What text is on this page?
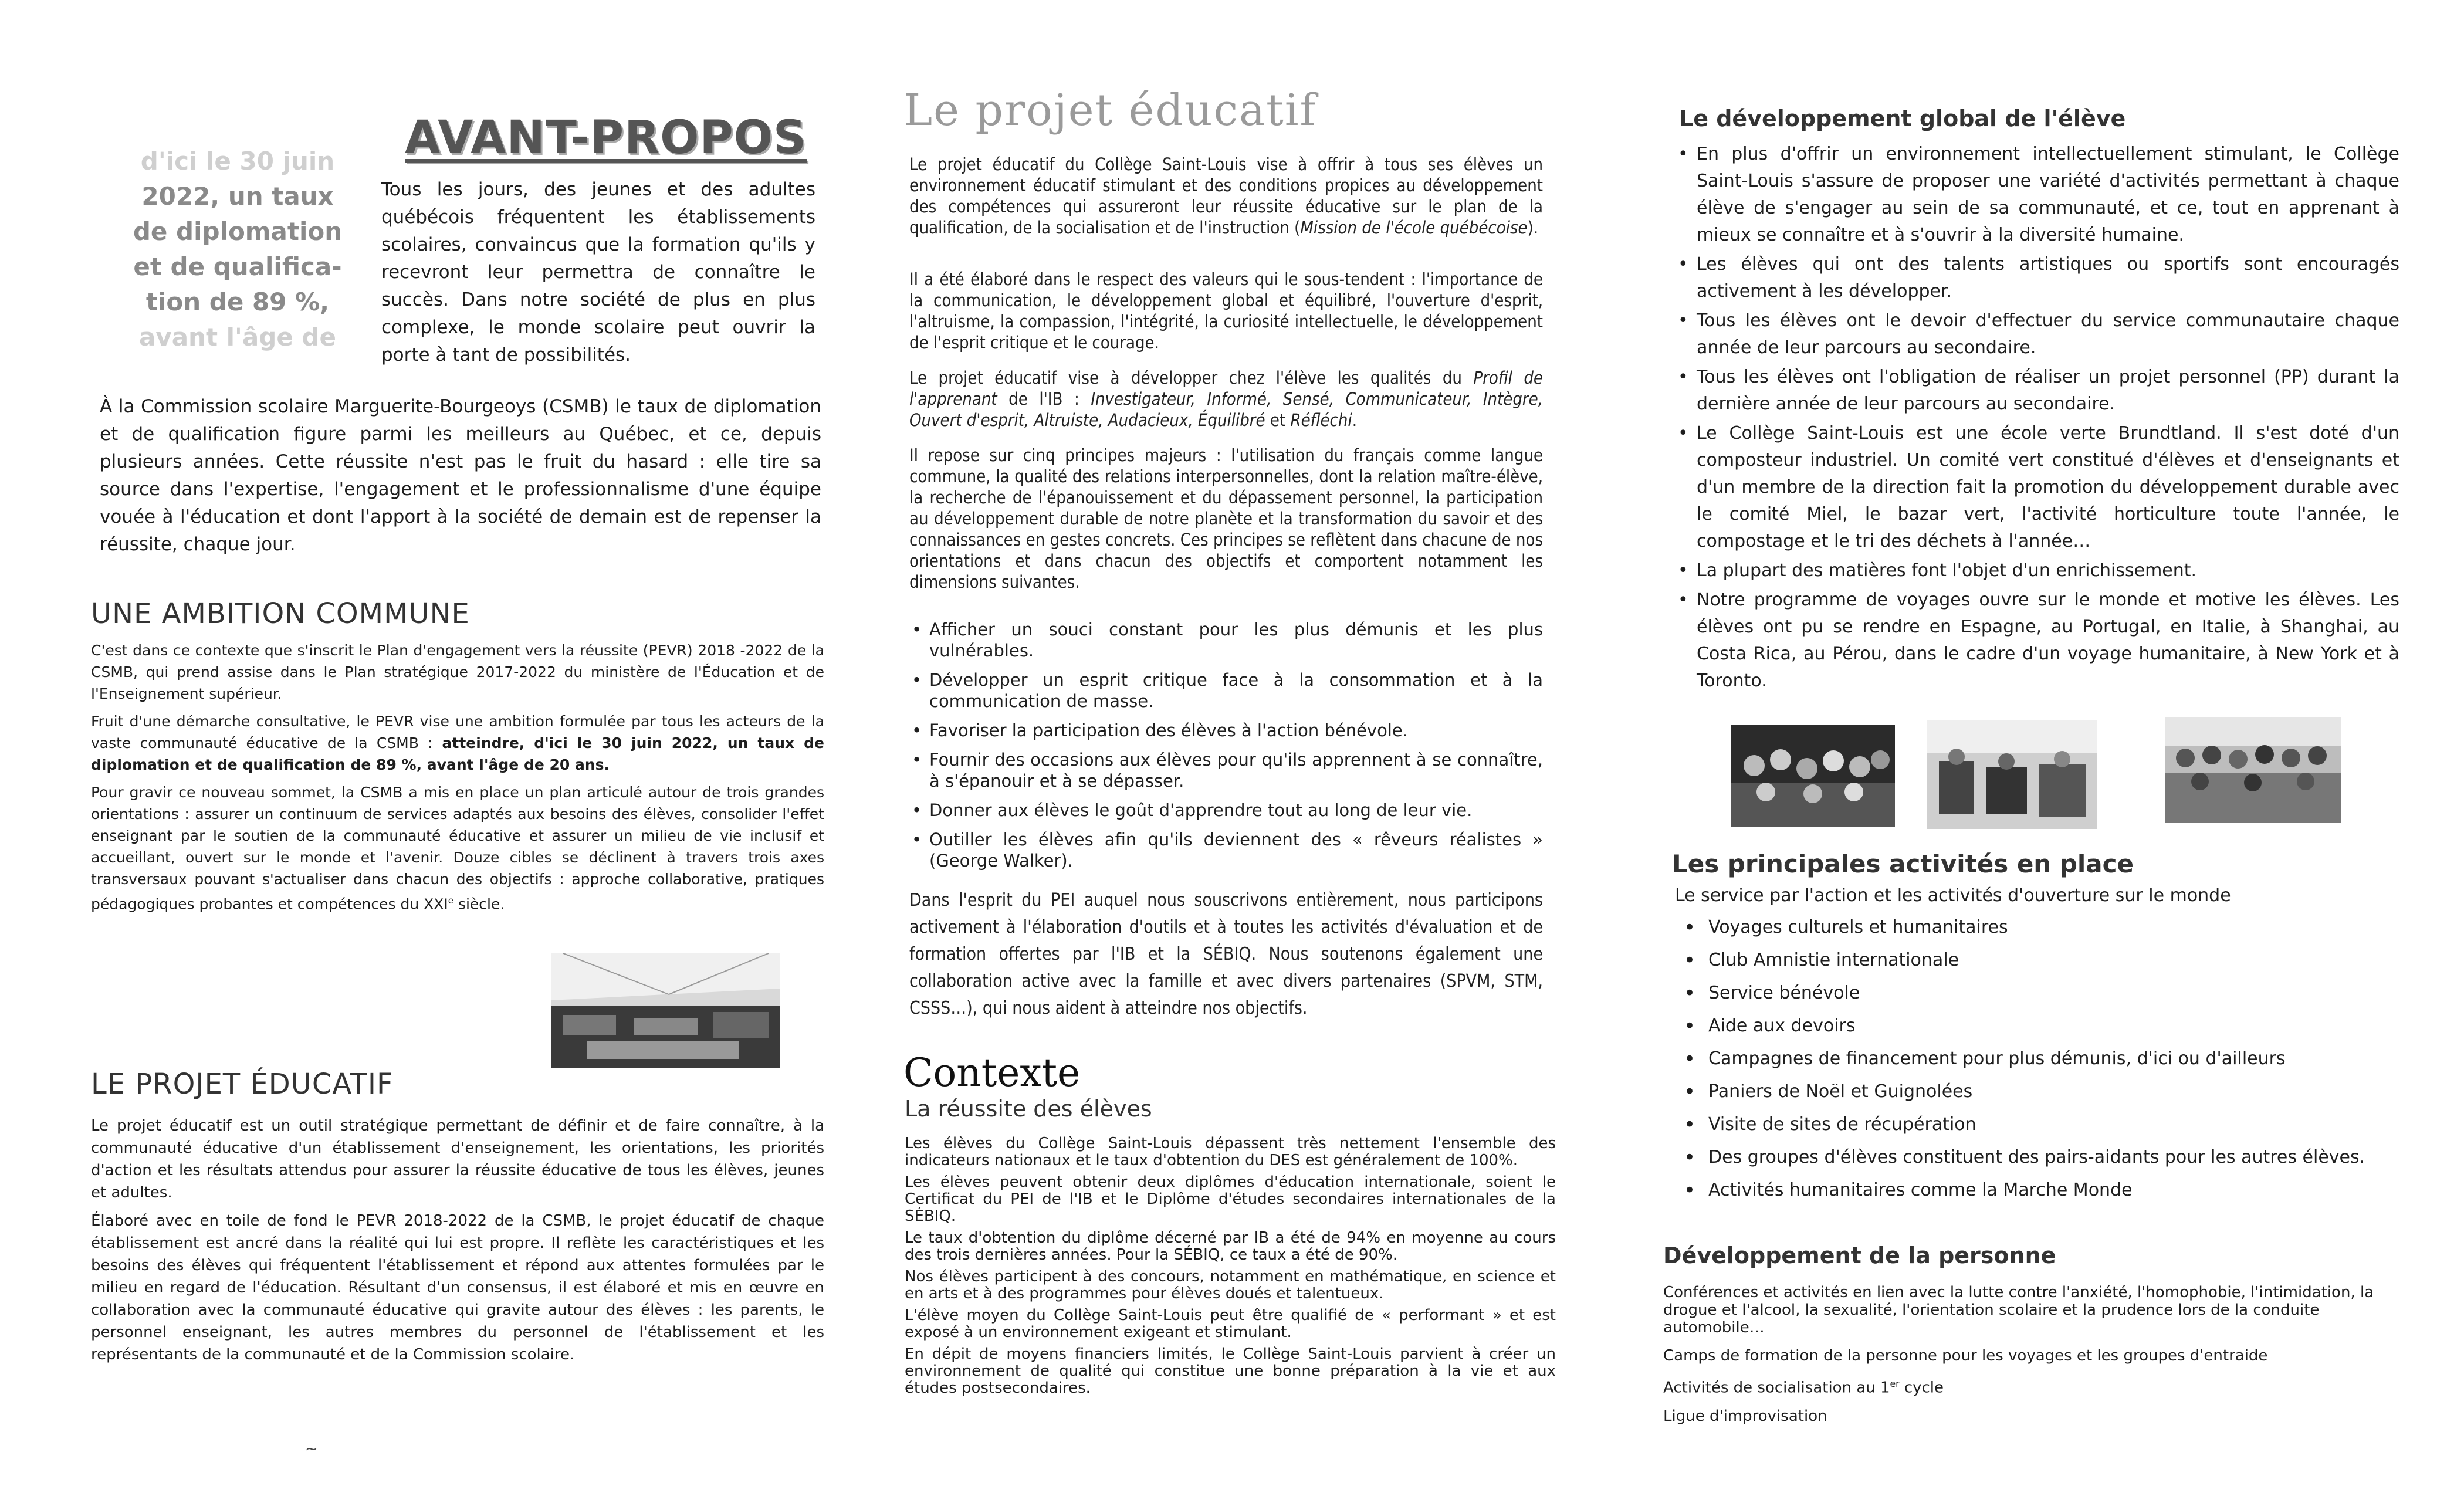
AVANT-PROPOS
d'ici le 30 juin
2022, un taux
de diplomation
et de qualifica-
tion de 89 %,
avant l'âge de

Tous les jours, des jeunes et des adultes québécois fréquentent les établissements scolaires, convaincus que la formation qu'ils y recevront leur permettra de connaître le succès. Dans notre société de plus en plus complexe, le monde scolaire peut ouvrir la porte à tant de possibilités.

À la Commission scolaire Marguerite-Bourgeoys (CSMB) le taux de diplomation et de qualification figure parmi les meilleurs au Québec, et ce, depuis plusieurs années. Cette réussite n'est pas le fruit du hasard : elle tire sa source dans l'expertise, l'engagement et le professionnalisme d'une équipe vouée à l'éducation et dont l'apport à la société de demain est de repenser la réussite, chaque jour.

UNE AMBITION COMMUNE

C'est dans ce contexte que s'inscrit le Plan d'engagement vers la réussite (PEVR) 2018 -2022 de la CSMB, qui prend assise dans le Plan stratégique 2017-2022 du ministère de l'Éducation et de l'Enseignement supérieur.

Fruit d'une démarche consultative, le PEVR vise une ambition formulée par tous les acteurs de la vaste communauté éducative de la CSMB : atteindre, d'ici le 30 juin 2022, un taux de diplomation et de qualification de 89 %, avant l'âge de 20 ans.

Pour gravir ce nouveau sommet, la CSMB a mis en place un plan articulé autour de trois grandes orientations : assurer un continuum de services adaptés aux besoins des élèves, consolider l'effet enseignant par le soutien de la communauté éducative et assurer un milieu de vie inclusif et accueillant, ouvert sur le monde et l'avenir. Douze cibles se déclinent à travers trois axes transversaux pouvant s'actualiser dans chacun des objectifs : approche collaborative, pratiques pédagogiques probantes et compétences du XXIe siècle.

LE PROJET ÉDUCATIF

Le projet éducatif est un outil stratégique permettant de définir et de faire connaître, à la communauté éducative d'un établissement d'enseignement, les orientations, les priorités d'action et les résultats attendus pour assurer la réussite éducative de tous les élèves, jeunes et adultes.

Élaboré avec en toile de fond le PEVR 2018-2022 de la CSMB, le projet éducatif de chaque établissement est ancré dans la réalité qui lui est propre. Il reflète les caractéristiques et les besoins des élèves qui fréquentent l'établissement et répond aux attentes formulées par le milieu en regard de l'éducation. Résultant d'un consensus, il est élaboré et mis en œuvre en collaboration avec la communauté éducative qui gravite autour des élèves : les parents, le personnel enseignant, les autres membres du personnel de l'établissement et les représentants de la communauté et de la Commission scolaire.

~
Le projet éducatif

Le projet éducatif du Collège Saint-Louis vise à offrir à tous ses élèves un environnement éducatif stimulant et des conditions propices au développement des compétences qui assureront leur réussite éducative sur le plan de la qualification, de la socialisation et de l'instruction (Mission de l'école québécoise).

Il a été élaboré dans le respect des valeurs qui le sous-tendent : l'importance de la communication, le développement global et équilibré, l'ouverture d'esprit, l'altruisme, la compassion, l'intégrité, la curiosité intellectuelle, le développement de l'esprit critique et le courage.

Le projet éducatif vise à développer chez l'élève les qualités du Profil de l'apprenant de l'IB : Investigateur, Informé, Sensé, Communicateur, Intègre, Ouvert d'esprit, Altruiste, Audacieux, Équilibré et Réfléchi.

Il repose sur cinq principes majeurs : l'utilisation du français comme langue commune, la qualité des relations interpersonnelles, dont la relation maître-élève, la recherche de l'épanouissement et du dépassement personnel, la participation au développement durable de notre planète et la transformation du savoir et des connaissances en gestes concrets. Ces principes se reflètent dans chacune de nos orientations et dans chacun des objectifs et comportent notamment les dimensions suivantes.

• Afficher un souci constant pour les plus démunis et les plus vulnérables.
• Développer un esprit critique face à la consommation et à la communication de masse.
• Favoriser la participation des élèves à l'action bénévole.
• Fournir des occasions aux élèves pour qu'ils apprennent à se connaître, à s'épanouir et à se dépasser.
• Donner aux élèves le goût d'apprendre tout au long de leur vie.
• Outiller les élèves afin qu'ils deviennent des « rêveurs réalistes » (George Walker).

Dans l'esprit du PEI auquel nous souscrivons entièrement, nous participons activement à l'élaboration d'outils et à toutes les activités d'évaluation et de formation offertes par l'IB et la SÉBIQ. Nous soutenons également une collaboration active avec la famille et avec divers partenaires (SPVM, STM, CSSS…), qui nous aident à atteindre nos objectifs.

Contexte
La réussite des élèves

Les élèves du Collège Saint-Louis dépassent très nettement l'ensemble des indicateurs nationaux et le taux d'obtention du DES est généralement de 100%.

Les élèves peuvent obtenir deux diplômes d'éducation internationale, soient le Certificat du PEI de l'IB et le Diplôme d'études secondaires internationales de la SÉBIQ.

Le taux d'obtention du diplôme décerné par IB a été de 94% en moyenne au cours des trois dernières années. Pour la SÉBIQ, ce taux a été de 90%.

Nos élèves participent à des concours, notamment en mathématique, en science et en arts et à des programmes pour élèves doués et talentueux.

L'élève moyen du Collège Saint-Louis peut être qualifié de « performant » et est exposé à un environnement exigeant et stimulant.

En dépit de moyens financiers limités, le Collège Saint-Louis parvient à créer un environnement de qualité qui constitue une bonne préparation à la vie et aux études postsecondaires.

Le développement global de l'élève
• En plus d'offrir un environnement intellectuellement stimulant, le Collège Saint-Louis s'assure de proposer une variété d'activités permettant à chaque élève de s'engager au sein de sa communauté, et ce, tout en apprenant à mieux se connaître et à s'ouvrir à la diversité humaine.
• Les élèves qui ont des talents artistiques ou sportifs sont encouragés activement à les développer.
• Tous les élèves ont le devoir d'effectuer du service communautaire chaque année de leur parcours au secondaire.
• Tous les élèves ont l'obligation de réaliser un projet personnel (PP) durant la dernière année de leur parcours au secondaire.
• Le Collège Saint-Louis est une école verte Brundtland. Il s'est doté d'un composteur industriel. Un comité vert constitué d'élèves et d'enseignants et d'un membre de la direction fait la promotion du développement durable avec le comité Miel, le bazar vert, l'activité horticulture toute l'année, le compostage et le tri des déchets à l'année…
• La plupart des matières font l'objet d'un enrichissement.
• Notre programme de voyages ouvre sur le monde et motive les élèves. Les élèves ont pu se rendre en Espagne, au Portugal, en Italie, à Shanghai, au Costa Rica, au Pérou, dans le cadre d'un voyage humanitaire, à New York et à Toronto.
Les principales activités en place
Le service par l'action et les activités d'ouverture sur le monde
• Voyages culturels et humanitaires
• Club Amnistie internationale
• Service bénévole
• Aide aux devoirs
• Campagnes de financement pour plus démunis, d'ici ou d'ailleurs
• Paniers de Noël et Guignolées
• Visite de sites de récupération
• Des groupes d'élèves constituent des pairs-aidants pour les autres élèves.
• Activités humanitaires comme la Marche Monde
Développement de la personne

Conférences et activités en lien avec la lutte contre l'anxiété, l'homophobie, l'intimidation, la drogue et l'alcool, la sexualité, l'orientation scolaire et la prudence lors de la conduite automobile…

Camps de formation de la personne pour les voyages et les groupes d'entraide

Activités de socialisation au 1er cycle

Ligue d'improvisation
